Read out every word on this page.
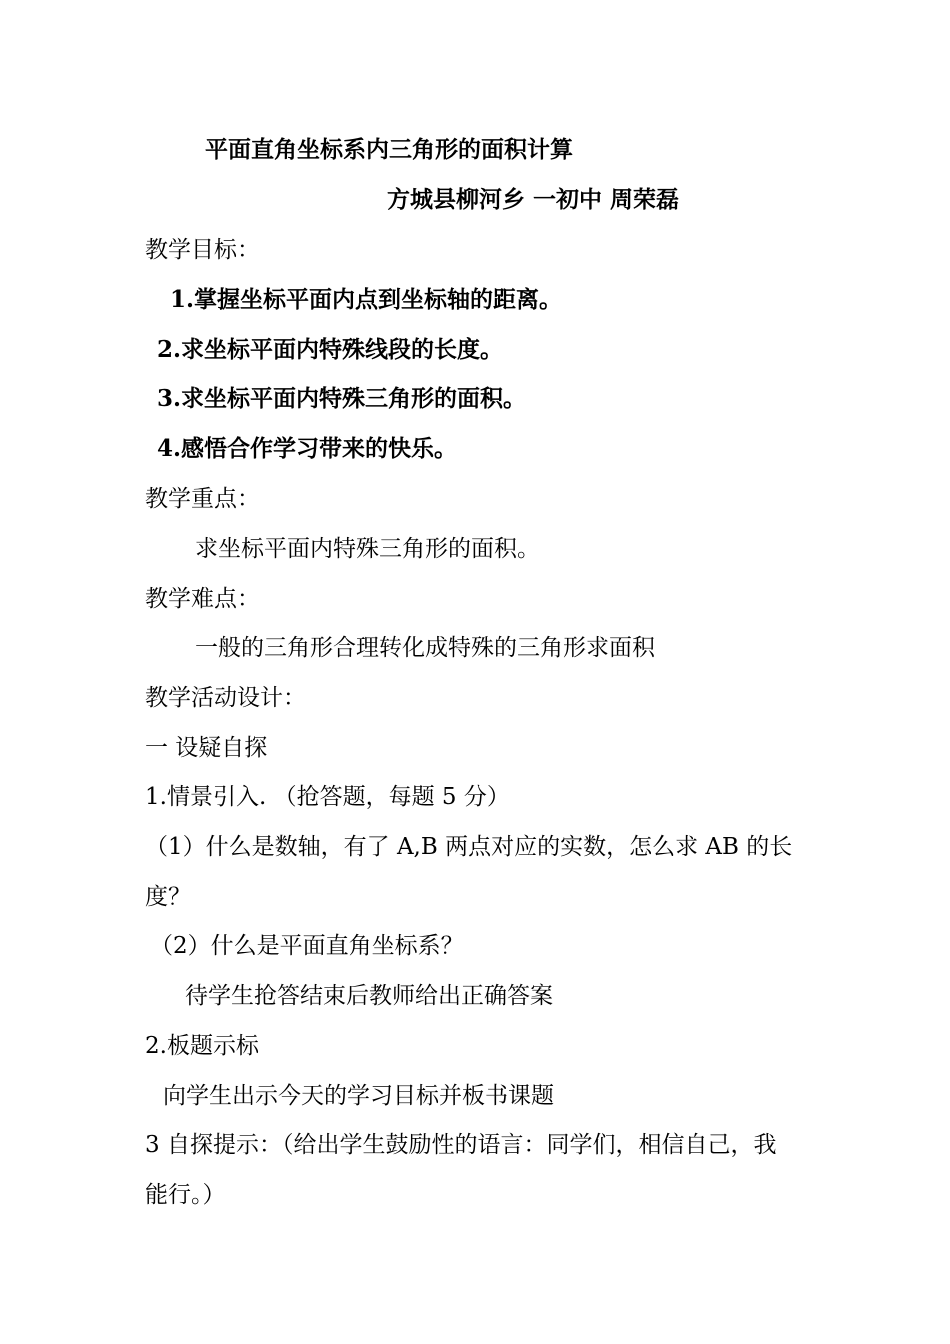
平面直角坐标系内三角形的面积计算
方城县柳河乡 一初中 周荣磊
教学目标：
1.掌握坐标平面内点到坐标轴的距离。
2.求坐标平面内特殊线段的长度。
3.求坐标平面内特殊三角形的面积。
4.感悟合作学习带来的快乐。
教学重点：
求坐标平面内特殊三角形的面积。
教学难点：
一般的三角形合理转化成特殊的三角形求面积
教学活动设计：
一 设疑自探
1.情景引入. （抢答题，每题 5 分）
（1）什么是数轴，有了 A,B 两点对应的实数，怎么求 AB 的长
度？
（2）什么是平面直角坐标系？
待学生抢答结束后教师给出正确答案
2.板题示标
向学生出示今天的学习目标并板书课题
3 自探提示：（给出学生鼓励性的语言：同学们，相信自己，我
能行。）
